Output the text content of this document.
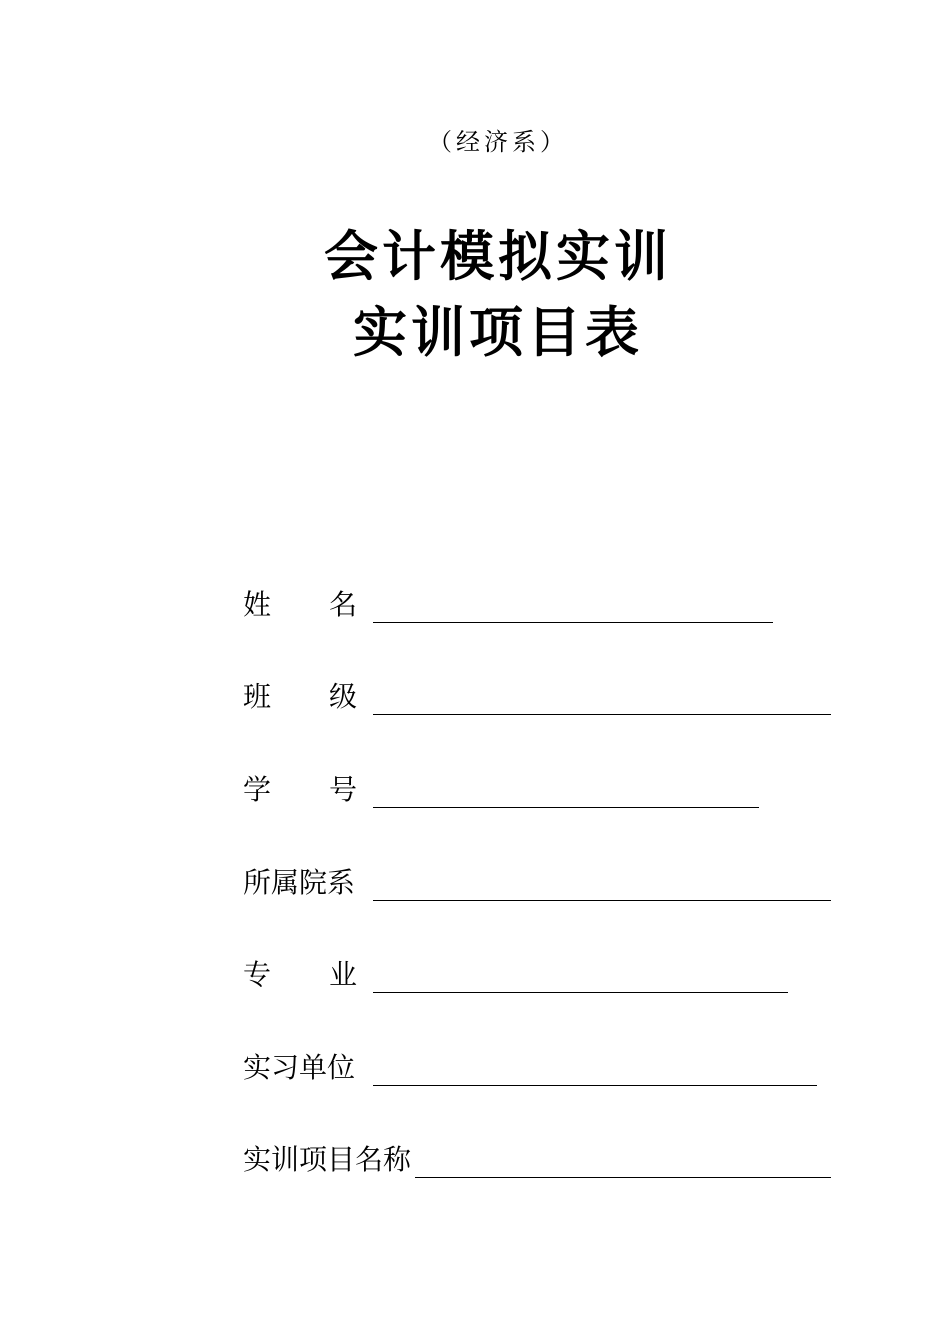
（经济系）
会计模拟实训
实训项目表
姓 名
班 级
学 号
所属院系
专 业
实习单位
实训项目名称
